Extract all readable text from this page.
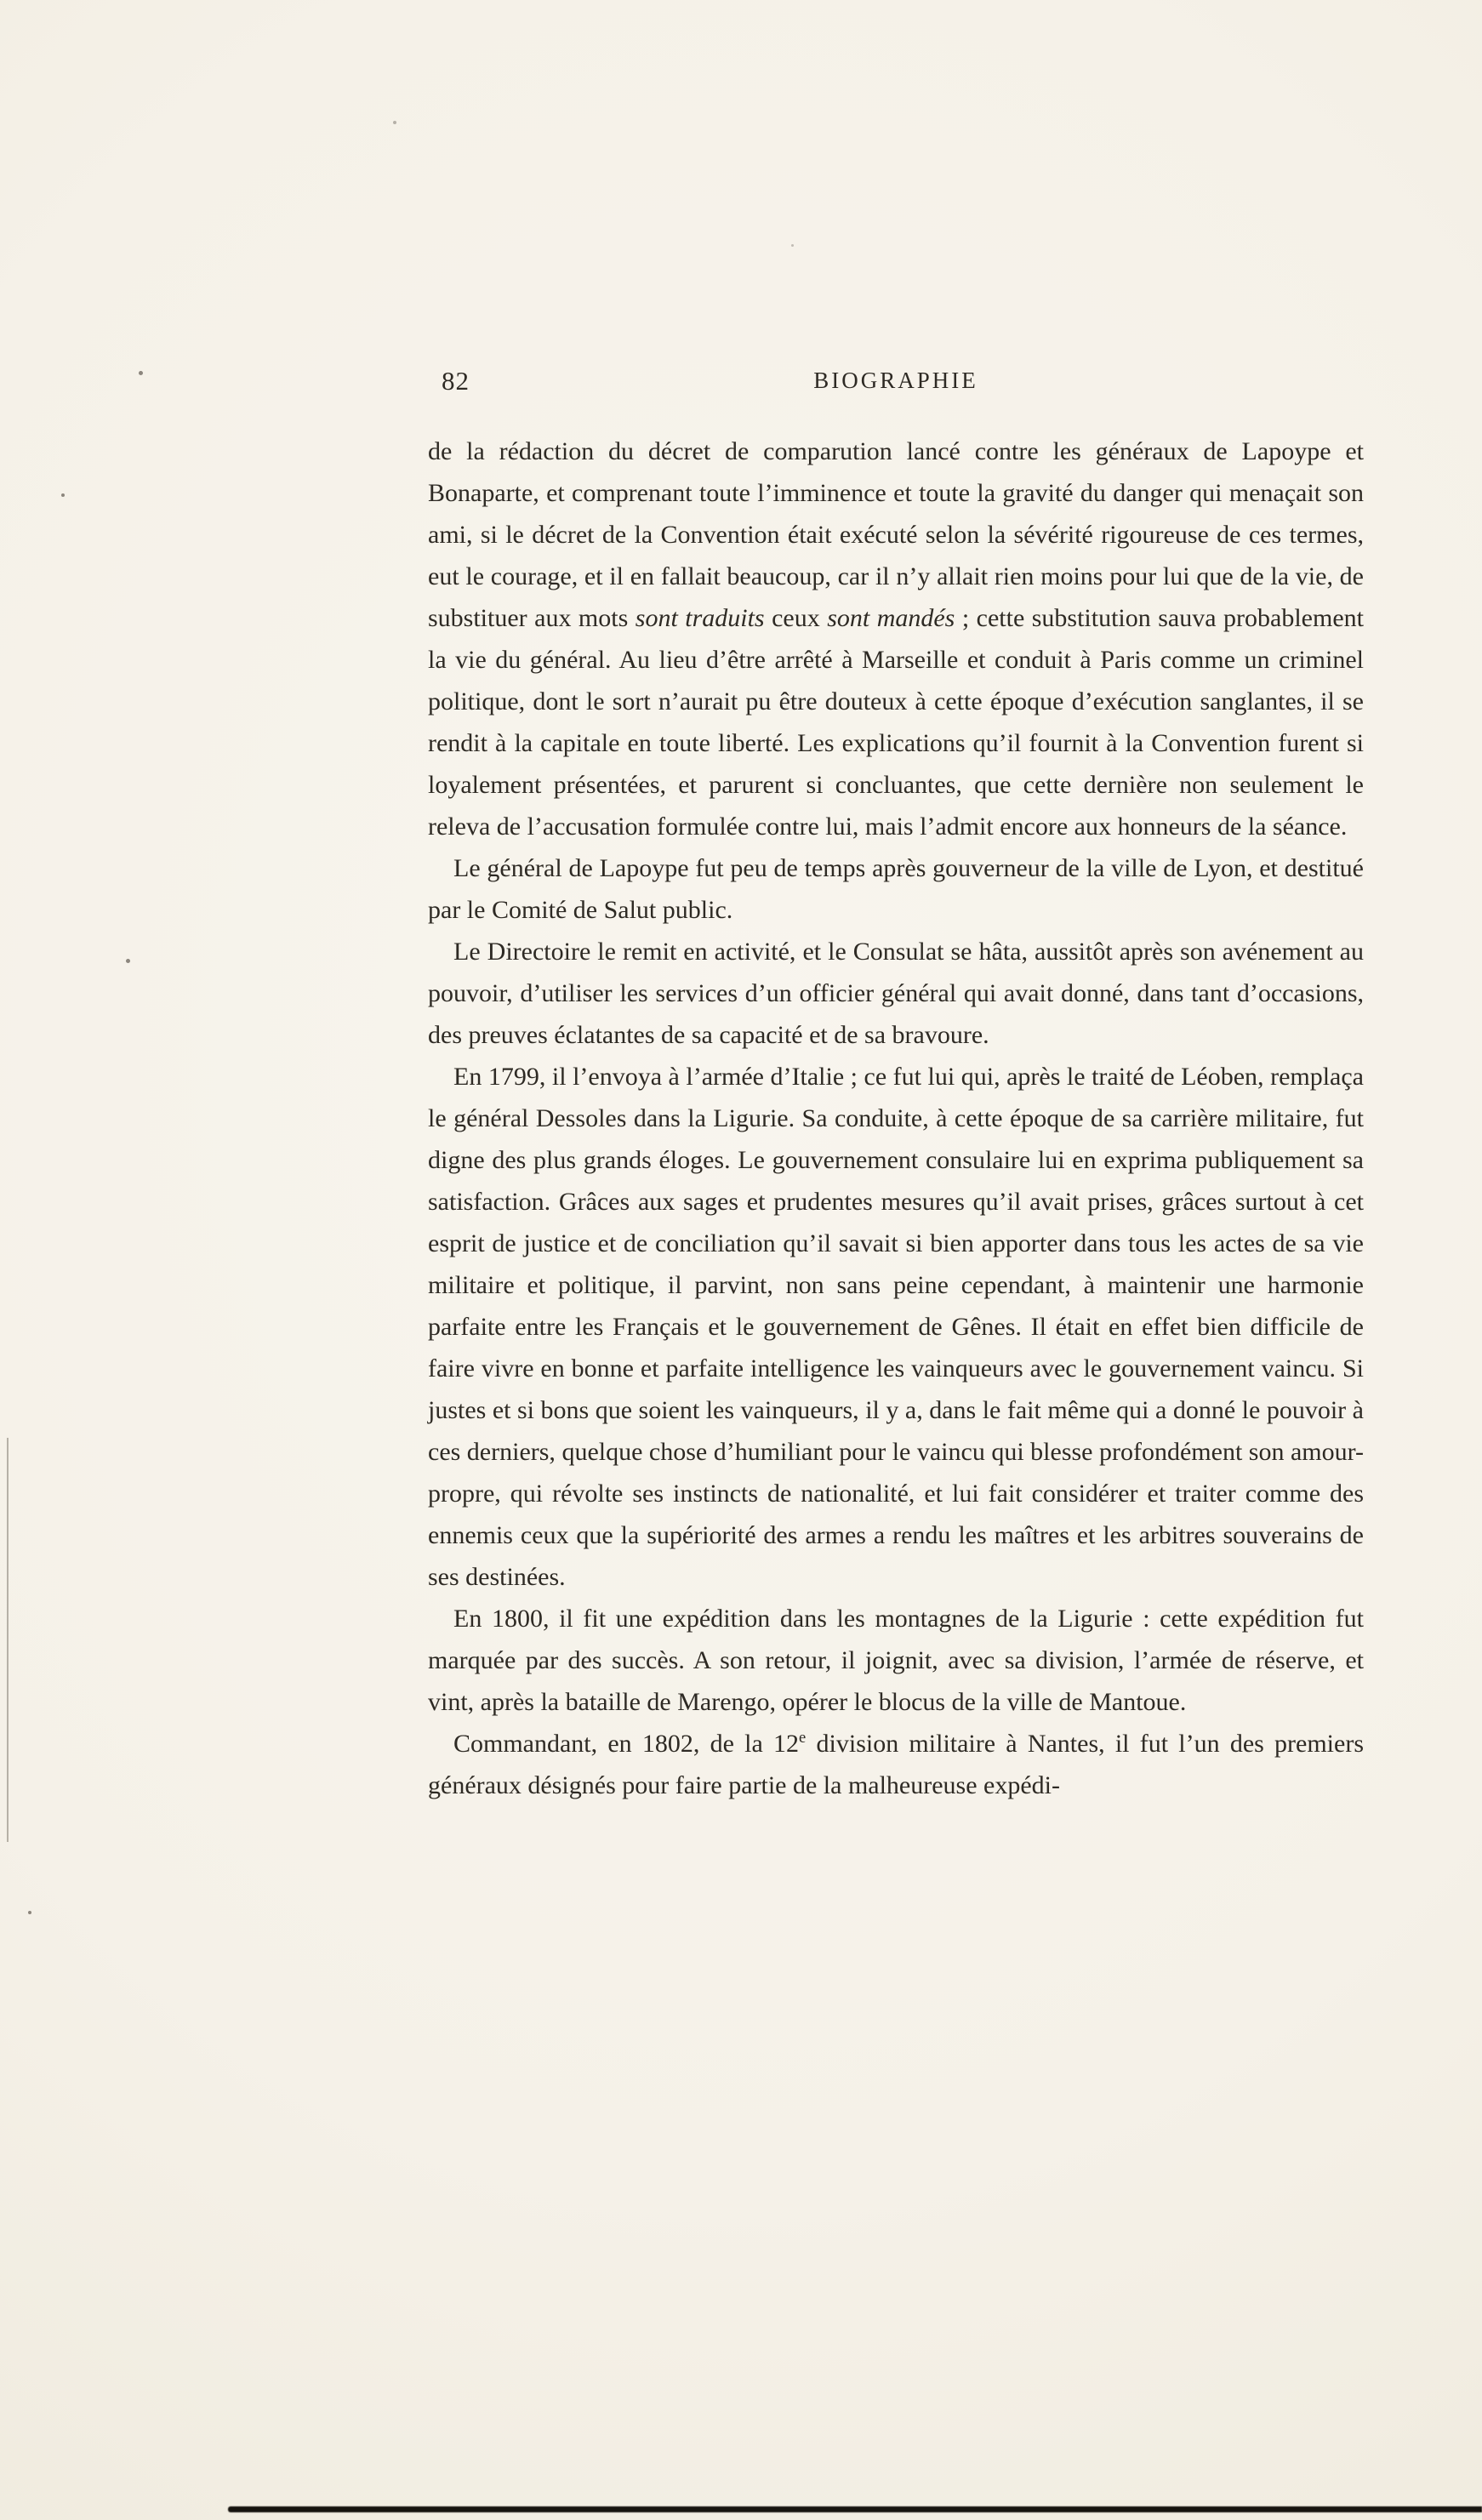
82	BIOGRAPHIE

de la rédaction du décret de comparution lancé contre les généraux de Lapoype et Bonaparte, et comprenant toute l’imminence et toute la gravité du danger qui menaçait son ami, si le décret de la Convention était exécuté selon la sévérité rigoureuse de ces termes, eut le courage, et il en fallait beaucoup, car il n’y allait rien moins pour lui que de la vie, de substituer aux mots sont traduits ceux sont mandés ; cette substitution sauva probablement la vie du général. Au lieu d’être arrêté à Marseille et conduit à Paris comme un criminel politique, dont le sort n’aurait pu être douteux à cette époque d’exécution sanglantes, il se rendit à la capitale en toute liberté. Les explications qu’il fournit à la Convention furent si loyalement présentées, et parurent si concluantes, que cette dernière non seulement le releva de l’accusation formulée contre lui, mais l’admit encore aux honneurs de la séance.

Le général de Lapoype fut peu de temps après gouverneur de la ville de Lyon, et destitué par le Comité de Salut public.

Le Directoire le remit en activité, et le Consulat se hâta, aussitôt après son avénement au pouvoir, d’utiliser les services d’un officier général qui avait donné, dans tant d’occasions, des preuves éclatantes de sa capacité et de sa bravoure.

En 1799, il l’envoya à l’armée d’Italie ; ce fut lui qui, après le traité de Léoben, remplaça le général Dessoles dans la Ligurie. Sa conduite, à cette époque de sa carrière militaire, fut digne des plus grands éloges. Le gouvernement consulaire lui en exprima publiquement sa satisfaction. Grâces aux sages et prudentes mesures qu’il avait prises, grâces surtout à cet esprit de justice et de conciliation qu’il savait si bien apporter dans tous les actes de sa vie militaire et politique, il parvint, non sans peine cependant, à maintenir une harmonie parfaite entre les Français et le gouvernement de Gênes. Il était en effet bien difficile de faire vivre en bonne et parfaite intelligence les vainqueurs avec le gouvernement vaincu. Si justes et si bons que soient les vainqueurs, il y a, dans le fait même qui a donné le pouvoir à ces derniers, quelque chose d’humiliant pour le vaincu qui blesse profondément son amour-propre, qui révolte ses instincts de nationalité, et lui fait considérer et traiter comme des ennemis ceux que la supériorité des armes a rendu les maîtres et les arbitres souverains de ses destinées.

En 1800, il fit une expédition dans les montagnes de la Ligurie : cette expédition fut marquée par des succès. A son retour, il joignit, avec sa division, l’armée de réserve, et vint, après la bataille de Marengo, opérer le blocus de la ville de Mantoue.

Commandant, en 1802, de la 12e division militaire à Nantes, il fut l’un des premiers généraux désignés pour faire partie de la malheureuse expédi-
